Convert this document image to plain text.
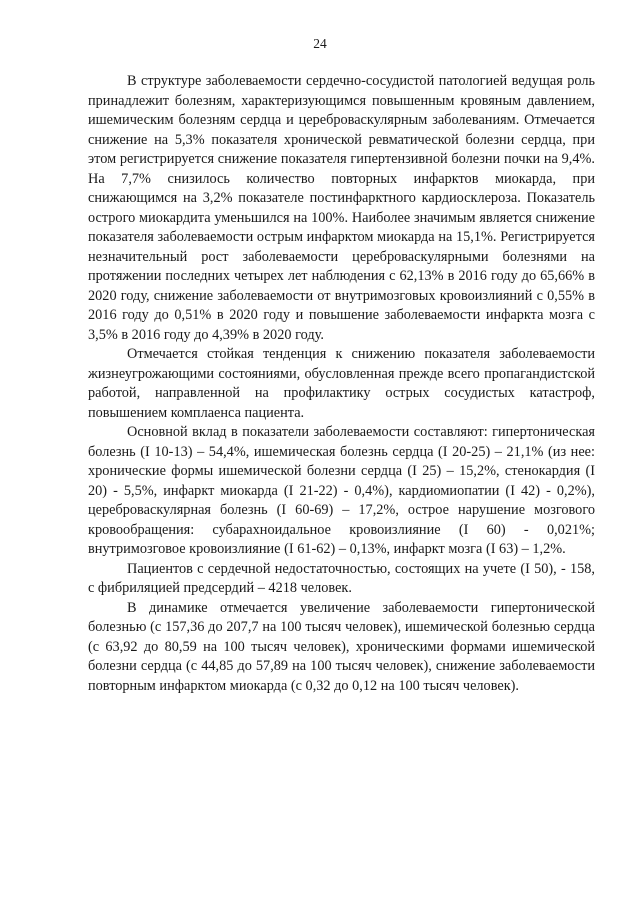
24

В структуре заболеваемости сердечно-сосудистой патологией ведущая роль принадлежит болезням, характеризующимся повышенным кровяным давлением, ишемическим болезням сердца и цереброваскулярным заболеваниям. Отмечается снижение на 5,3% показателя хронической ревматической болезни сердца, при этом регистрируется снижение показателя гипертензивной болезни почки на 9,4%. На 7,7% снизилось количество повторных инфарктов миокарда, при снижающимся на 3,2% показателе постинфарктного кардиосклероза. Показатель острого миокардита уменьшился на 100%. Наиболее значимым является снижение показателя заболеваемости острым инфарктом миокарда на 15,1%. Регистрируется незначительный рост заболеваемости цереброваскулярными болезнями на протяжении последних четырех лет наблюдения с 62,13% в 2016 году до 65,66% в 2020 году, снижение заболеваемости от внутримозговых кровоизлияний с 0,55% в 2016 году до 0,51% в 2020 году и повышение заболеваемости инфаркта мозга с 3,5% в 2016 году до 4,39% в 2020 году.

Отмечается стойкая тенденция к снижению показателя заболеваемости жизнеугрожающими состояниями, обусловленная прежде всего пропагандистской работой, направленной на профилактику острых сосудистых катастроф, повышением комплаенса пациента.

Основной вклад в показатели заболеваемости составляют: гипертоническая болезнь (I 10-13) – 54,4%, ишемическая болезнь сердца (I 20-25) – 21,1% (из нее: хронические формы ишемической болезни сердца (I 25) – 15,2%, стенокардия (I 20) - 5,5%, инфаркт миокарда (I 21-22) - 0,4%), кардиомиопатии (I 42) - 0,2%), цереброваскулярная болезнь (I 60-69) – 17,2%, острое нарушение мозгового кровообращения: субарахноидальное кровоизлияние (I 60) - 0,021%; внутримозговое кровоизлияние (I 61-62) – 0,13%, инфаркт мозга (I 63) – 1,2%.

Пациентов с сердечной недостаточностью, состоящих на учете (I 50), - 158, с фибриляцией предсердий – 4218 человек.

В динамике отмечается увеличение заболеваемости гипертонической болезнью (с 157,36 до 207,7 на 100 тысяч человек), ишемической болезнью сердца (с 63,92 до 80,59 на 100 тысяч человек), хроническими формами ишемической болезни сердца (с 44,85 до 57,89 на 100 тысяч человек), снижение заболеваемости повторным инфарктом миокарда (с 0,32 до 0,12 на 100 тысяч человек).
